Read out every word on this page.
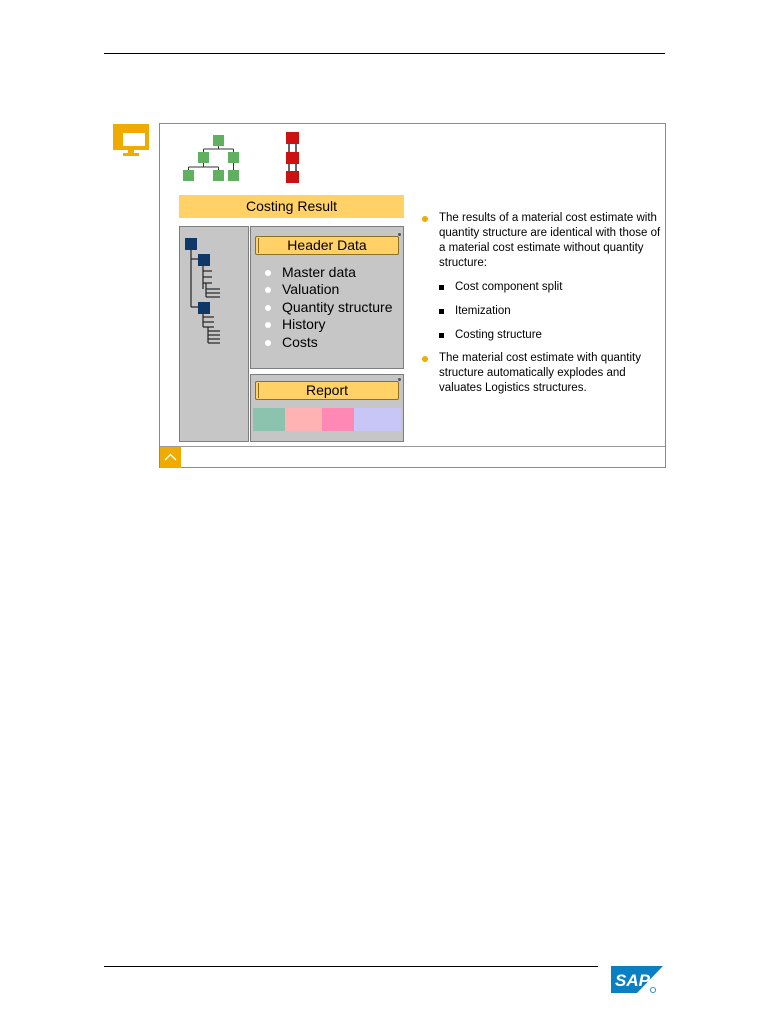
Costing Result
Header Data
Master data
Valuation
Quantity structure
History
Costs
Report
The results of a material cost estimate with quantity structure are identical with those of a material cost estimate without quantity structure:
Cost component split
Itemization
Costing structure
The material cost estimate with quantity structure automatically explodes and valuates Logistics structures.
SAP
